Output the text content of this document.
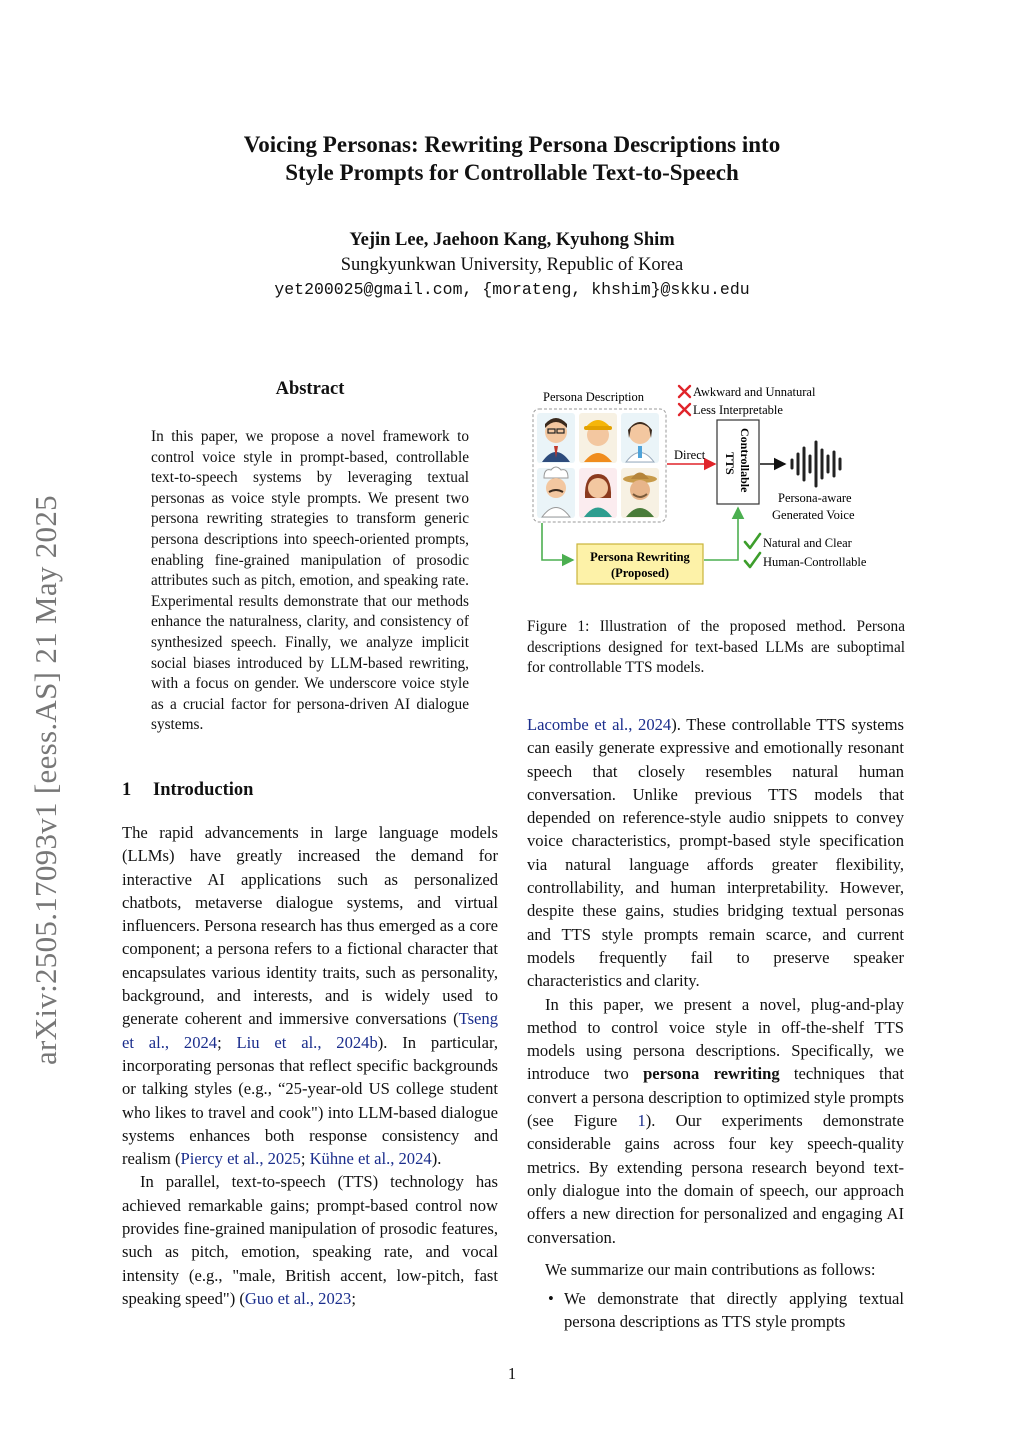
Voicing Personas: Rewriting Persona Descriptions into
Style Prompts for Controllable Text-to-Speech
Yejin Lee, Jaehoon Kang, Kyuhong Shim
Sungkyunkwan University, Republic of Korea
yet200025@gmail.com, {morateng, khshim}@skku.edu
arXiv:2505.17093v1 [eess.AS] 21 May 2025
Abstract
In this paper, we propose a novel framework to control voice style in prompt-based, controllable text-to-speech systems by leveraging textual personas as voice style prompts. We present two persona rewriting strategies to transform generic persona descriptions into speech-oriented prompts, enabling fine-grained manipulation of prosodic attributes such as pitch, emotion, and speaking rate. Experimental results demonstrate that our methods enhance the naturalness, clarity, and consistency of synthesized speech. Finally, we analyze implicit social biases introduced by LLM-based rewriting, with a focus on gender. We underscore voice style as a crucial factor for persona-driven AI dialogue systems.
1 Introduction

The rapid advancements in large language models (LLMs) have greatly increased the demand for interactive AI applications such as personalized chatbots, metaverse dialogue systems, and virtual influencers. Persona research has thus emerged as a core component; a persona refers to a fictional character that encapsulates various identity traits, such as personality, background, and interests, and is widely used to generate coherent and immersive conversations (Tseng et al., 2024; Liu et al., 2024b). In particular, incorporating personas that reflect specific backgrounds or talking styles (e.g., “25-year-old US college student who likes to travel and cook") into LLM-based dialogue systems enhances both response consistency and realism (Piercy et al., 2025; Kühne et al., 2024).

In parallel, text-to-speech (TTS) technology has achieved remarkable gains; prompt-based control now provides fine-grained manipulation of prosodic features, such as pitch, emotion, speaking rate, and vocal intensity (e.g., "male, British accent, low-pitch, fast speaking speed") (Guo et al., 2023;

Persona Description
Direct	Controllable
TTS
Persona-aware
Generated Voice
Awkward and Unnatural
Less Interpretable
Persona Rewriting
(Proposed)
Natural and Clear
Human-Controllable
Figure 1: Illustration of the proposed method. Persona descriptions designed for text-based LLMs are suboptimal for controllable TTS models.

Lacombe et al., 2024). These controllable TTS systems can easily generate expressive and emotionally resonant speech that closely resembles natural human conversation. Unlike previous TTS models that depended on reference-style audio snippets to convey voice characteristics, prompt-based style specification via natural language affords greater flexibility, controllability, and human interpretability. However, despite these gains, studies bridging textual personas and TTS style prompts remain scarce, and current models frequently fail to preserve speaker characteristics and clarity.

In this paper, we present a novel, plug-and-play method to control voice style in off-the-shelf TTS models using persona descriptions. Specifically, we introduce two persona rewriting techniques that convert a persona description to optimized style prompts (see Figure 1). Our experiments demonstrate considerable gains across four key speech-quality metrics. By extending persona research beyond text-only dialogue into the domain of speech, our approach offers a new direction for personalized and engaging AI conversation.

We summarize our main contributions as follows:

• We demonstrate that directly applying textual persona descriptions as TTS style prompts

1
